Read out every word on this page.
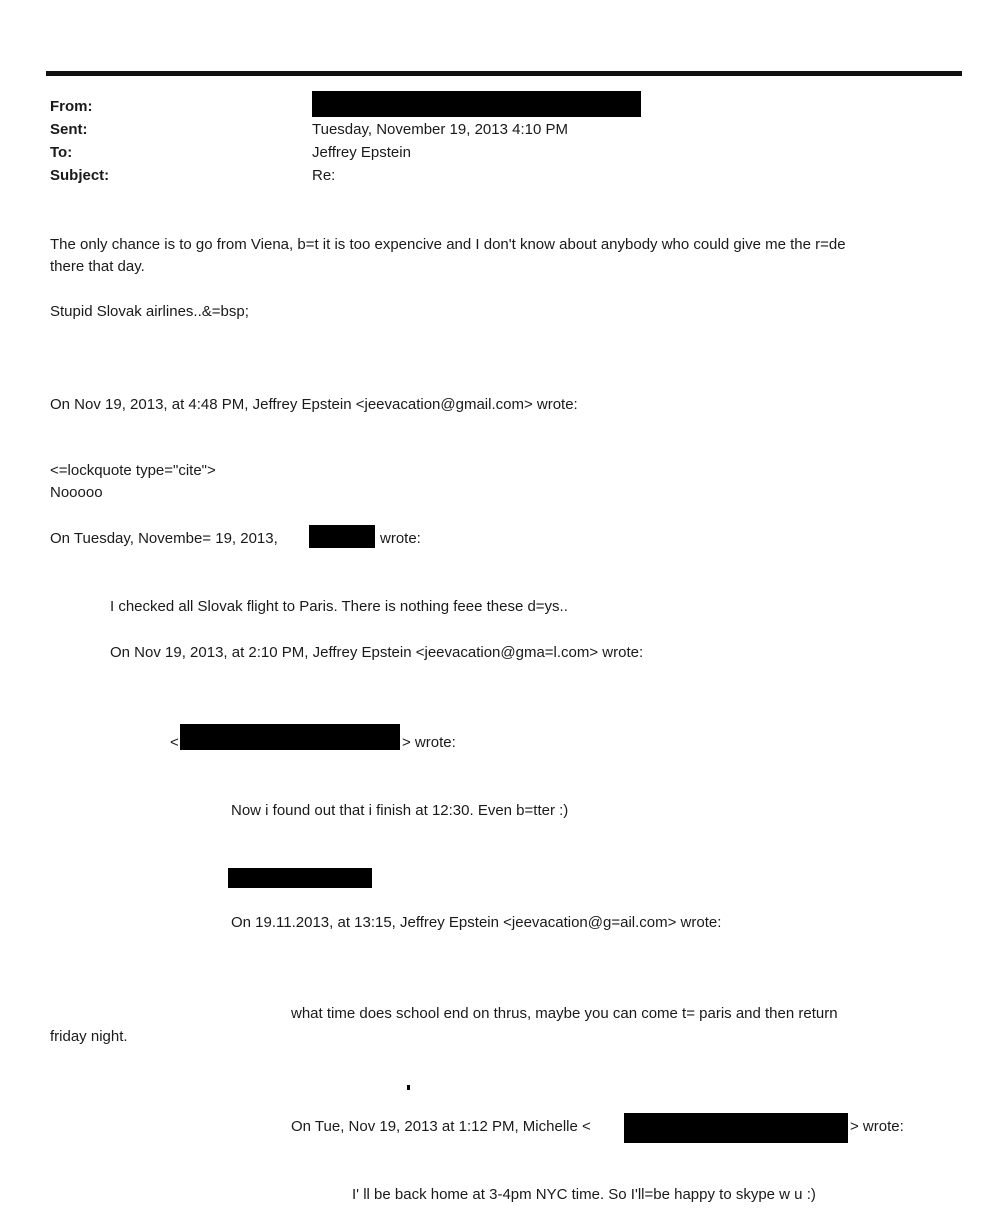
From:
Sent:	Tuesday, November 19, 2013 4:10 PM
To:	Jeffrey Epstein
Subject:	Re:
The only chance is to go from Viena, b=t it is too expencive and I don't know about anybody who could give me the r=de
there that day.
Stupid Slovak airlines..&=bsp;
On Nov 19, 2013, at 4:48 PM, Jeffrey Epstein <jeevacation@gmail.com> wrote:
<=lockquote type="cite">
Nooooo
On Tuesday, Novembe= 19, 2013,	wrote:
I checked all Slovak flight to Paris. There is nothing feee these d=ys..
On Nov 19, 2013, at 2:10 PM, Jeffrey Epstein <jeevacation@gma=l.com> wrote:
<	> wrote:
Now i found out that i finish at 12:30. Even b=tter :)
On 19.11.2013, at 13:15, Jeffrey Epstein <jeevacation@g=ail.com> wrote:
what time does school end on thrus, maybe you can come t= paris and then return
friday night.
On Tue, Nov 19, 2013 at 1:12 PM, Michelle <	> wrote:
I' ll be back home at 3-4pm NYC time. So I'll=be happy to skype w u :)
